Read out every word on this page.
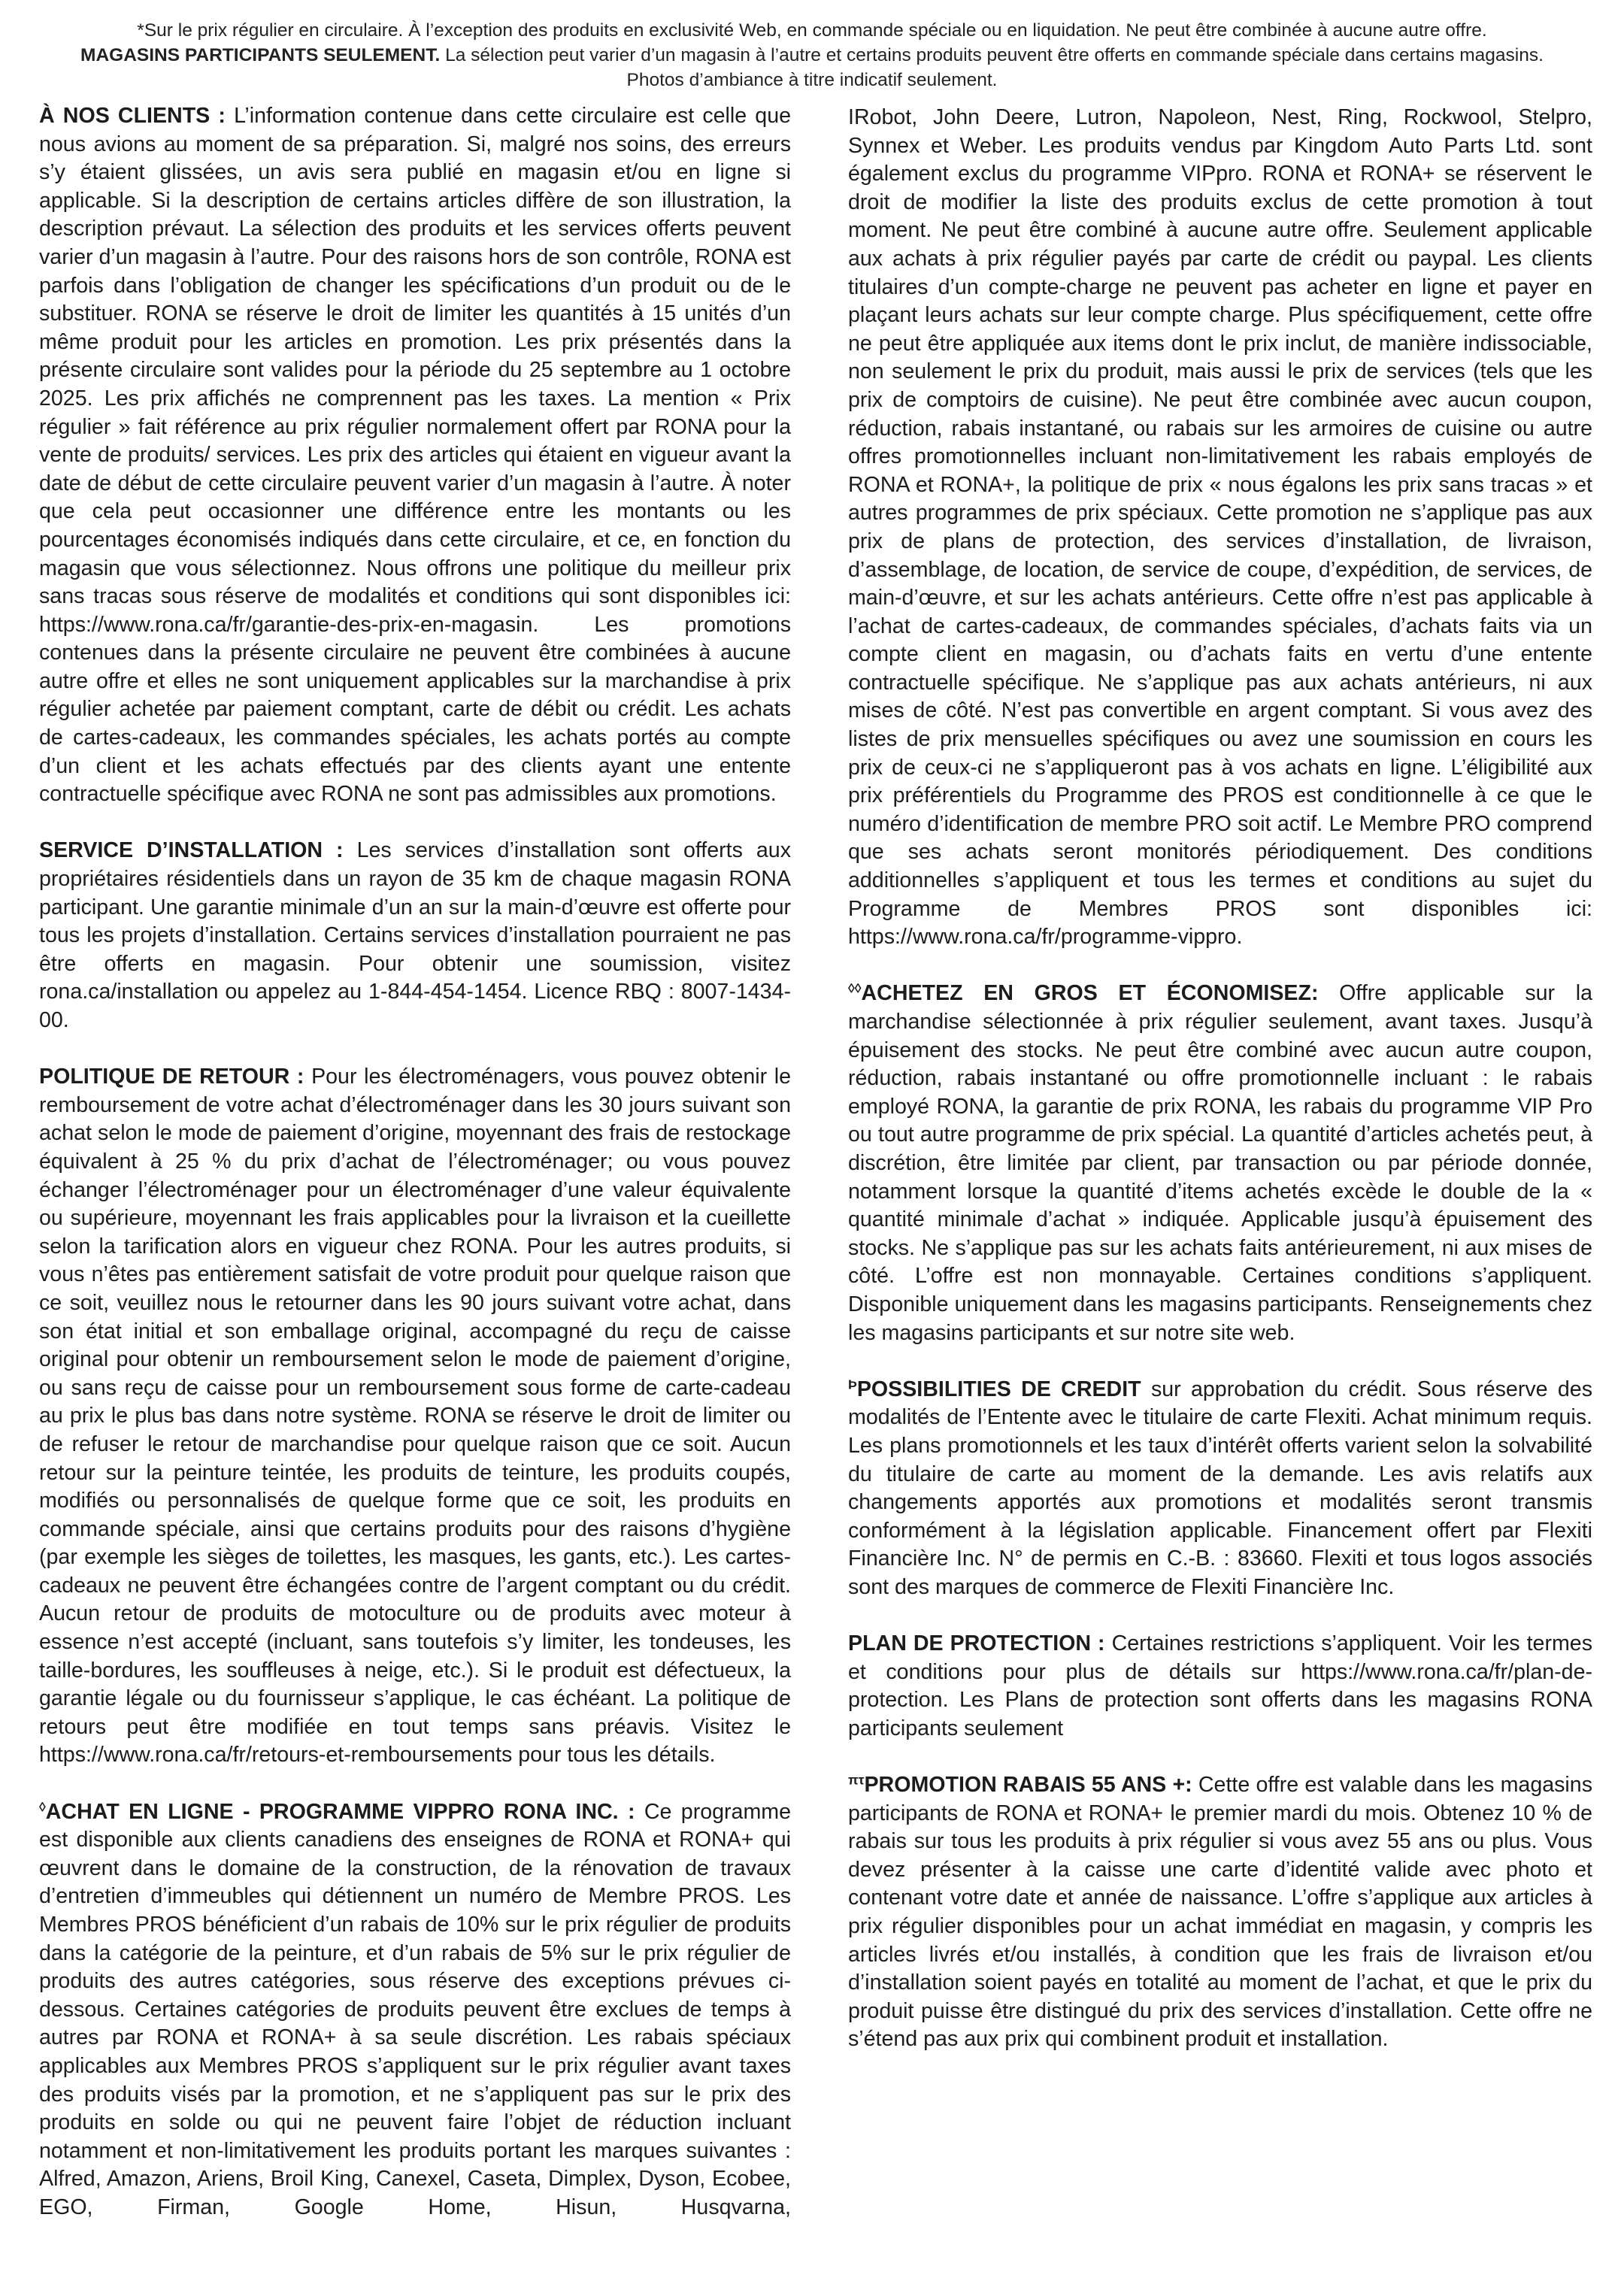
*Sur le prix régulier en circulaire. À l’exception des produits en exclusivité Web, en commande spéciale ou en liquidation. Ne peut être combinée à aucune autre offre.

MAGASINS PARTICIPANTS SEULEMENT. La sélection peut varier d’un magasin à l’autre et certains produits peuvent être offerts en commande spéciale dans certains magasins.

Photos d’ambiance à titre indicatif seulement.

À NOS CLIENTS : L’information contenue dans cette circulaire est celle que nous avions au moment de sa préparation. Si, malgré nos soins, des erreurs s’y étaient glissées, un avis sera publié en magasin et/ou en ligne si applicable. Si la description de certains articles diffère de son illustration, la description prévaut. La sélection des produits et les services offerts peuvent varier d’un magasin à l’autre. Pour des raisons hors de son contrôle, RONA est parfois dans l’obligation de changer les spécifications d’un produit ou de le substituer. RONA se réserve le droit de limiter les quantités à 15 unités d’un même produit pour les articles en promotion. Les prix présentés dans la présente circulaire sont valides pour la période du 25 septembre au 1 octobre 2025. Les prix affichés ne comprennent pas les taxes. La mention « Prix régulier » fait référence au prix régulier normalement offert par RONA pour la vente de produits/ services. Les prix des articles qui étaient en vigueur avant la date de début de cette circulaire peuvent varier d’un magasin à l’autre. À noter que cela peut occasionner une différence entre les montants ou les pourcentages économisés indiqués dans cette circulaire, et ce, en fonction du magasin que vous sélectionnez. Nous offrons une politique du meilleur prix sans tracas sous réserve de modalités et conditions qui sont disponibles ici: https://www.rona.ca/fr/garantie-des-prix-en-magasin. Les promotions contenues dans la présente circulaire ne peuvent être combinées à aucune autre offre et elles ne sont uniquement applicables sur la marchandise à prix régulier achetée par paiement comptant, carte de débit ou crédit. Les achats de cartes-cadeaux, les commandes spéciales, les achats portés au compte d’un client et les achats effectués par des clients ayant une entente contractuelle spécifique avec RONA ne sont pas admissibles aux promotions.

SERVICE D’INSTALLATION : Les services d’installation sont offerts aux propriétaires résidentiels dans un rayon de 35 km de chaque magasin RONA participant. Une garantie minimale d’un an sur la main-d’œuvre est offerte pour tous les projets d’installation. Certains services d’installation pourraient ne pas être offerts en magasin. Pour obtenir une soumission, visitez rona.ca/installation ou appelez au 1-844-454-1454. Licence RBQ : 8007-1434-00.

POLITIQUE DE RETOUR : Pour les électroménagers, vous pouvez obtenir le remboursement de votre achat d’électroménager dans les 30 jours suivant son achat selon le mode de paiement d’origine, moyennant des frais de restockage équivalent à 25 % du prix d’achat de l’électroménager; ou vous pouvez échanger l’électroménager pour un électroménager d’une valeur équivalente ou supérieure, moyennant les frais applicables pour la livraison et la cueillette selon la tarification alors en vigueur chez RONA. Pour les autres produits, si vous n’êtes pas entièrement satisfait de votre produit pour quelque raison que ce soit, veuillez nous le retourner dans les 90 jours suivant votre achat, dans son état initial et son emballage original, accompagné du reçu de caisse original pour obtenir un remboursement selon le mode de paiement d’origine, ou sans reçu de caisse pour un remboursement sous forme de carte-cadeau au prix le plus bas dans notre système. RONA se réserve le droit de limiter ou de refuser le retour de marchandise pour quelque raison que ce soit. Aucun retour sur la peinture teintée, les produits de teinture, les produits coupés, modifiés ou personnalisés de quelque forme que ce soit, les produits en commande spéciale, ainsi que certains produits pour des raisons d’hygiène (par exemple les sièges de toilettes, les masques, les gants, etc.). Les cartes-cadeaux ne peuvent être échangées contre de l’argent comptant ou du crédit. Aucun retour de produits de motoculture ou de produits avec moteur à essence n’est accepté (incluant, sans toutefois s’y limiter, les tondeuses, les taille-bordures, les souffleuses à neige, etc.). Si le produit est défectueux, la garantie légale ou du fournisseur s’applique, le cas échéant. La politique de retours peut être modifiée en tout temps sans préavis. Visitez le https://www.rona.ca/fr/retours-et-remboursements pour tous les détails.

◊ACHAT EN LIGNE - PROGRAMME VIPPRO RONA INC. : Ce programme est disponible aux clients canadiens des enseignes de RONA et RONA+ qui œuvrent dans le domaine de la construction, de la rénovation de travaux d’entretien d’immeubles qui détiennent un numéro de Membre PROS. Les Membres PROS bénéficient d’un rabais de 10% sur le prix régulier de produits dans la catégorie de la peinture, et d’un rabais de 5% sur le prix régulier de produits des autres catégories, sous réserve des exceptions prévues ci-dessous. Certaines catégories de produits peuvent être exclues de temps à autres par RONA et RONA+ à sa seule discrétion. Les rabais spéciaux applicables aux Membres PROS s’appliquent sur le prix régulier avant taxes des produits visés par la promotion, et ne s’appliquent pas sur le prix des produits en solde ou qui ne peuvent faire l’objet de réduction incluant notamment et non-limitativement les produits portant les marques suivantes : Alfred, Amazon, Ariens, Broil King, Canexel, Caseta, Dimplex, Dyson, Ecobee, EGO, Firman, Google Home, Hisun, Husqvarna,

IRobot, John Deere, Lutron, Napoleon, Nest, Ring, Rockwool, Stelpro, Synnex et Weber. Les produits vendus par Kingdom Auto Parts Ltd. sont également exclus du programme VIPpro. RONA et RONA+ se réservent le droit de modifier la liste des produits exclus de cette promotion à tout moment. Ne peut être combiné à aucune autre offre. Seulement applicable aux achats à prix régulier payés par carte de crédit ou paypal. Les clients titulaires d’un compte-charge ne peuvent pas acheter en ligne et payer en plaçant leurs achats sur leur compte charge. Plus spécifiquement, cette offre ne peut être appliquée aux items dont le prix inclut, de manière indissociable, non seulement le prix du produit, mais aussi le prix de services (tels que les prix de comptoirs de cuisine). Ne peut être combinée avec aucun coupon, réduction, rabais instantané, ou rabais sur les armoires de cuisine ou autre offres promotionnelles incluant non-limitativement les rabais employés de RONA et RONA+, la politique de prix « nous égalons les prix sans tracas » et autres programmes de prix spéciaux. Cette promotion ne s’applique pas aux prix de plans de protection, des services d’installation, de livraison, d’assemblage, de location, de service de coupe, d’expédition, de services, de main-d’œuvre, et sur les achats antérieurs. Cette offre n’est pas applicable à l’achat de cartes-cadeaux, de commandes spéciales, d’achats faits via un compte client en magasin, ou d’achats faits en vertu d’une entente contractuelle spécifique. Ne s’applique pas aux achats antérieurs, ni aux mises de côté. N’est pas convertible en argent comptant. Si vous avez des listes de prix mensuelles spécifiques ou avez une soumission en cours les prix de ceux-ci ne s’appliqueront pas à vos achats en ligne. L’éligibilité aux prix préférentiels du Programme des PROS est conditionnelle à ce que le numéro d’identification de membre PRO soit actif. Le Membre PRO comprend que ses achats seront monitorés périodiquement. Des conditions additionnelles s’appliquent et tous les termes et conditions au sujet du Programme de Membres PROS sont disponibles ici: https://www.rona.ca/fr/programme-vippro.

◊◊ACHETEZ EN GROS ET ÉCONOMISEZ: Offre applicable sur la marchandise sélectionnée à prix régulier seulement, avant taxes. Jusqu’à épuisement des stocks. Ne peut être combiné avec aucun autre coupon, réduction, rabais instantané ou offre promotionnelle incluant : le rabais employé RONA, la garantie de prix RONA, les rabais du programme VIP Pro ou tout autre programme de prix spécial. La quantité d’articles achetés peut, à discrétion, être limitée par client, par transaction ou par période donnée, notamment lorsque la quantité d’items achetés excède le double de la « quantité minimale d’achat » indiquée. Applicable jusqu’à épuisement des stocks. Ne s’applique pas sur les achats faits antérieurement, ni aux mises de côté. L’offre est non monnayable. Certaines conditions s’appliquent. Disponible uniquement dans les magasins participants. Renseignements chez les magasins participants et sur notre site web.

$^Þ$POSSIBILITIES DE CREDIT sur approbation du crédit. Sous réserve des modalités de l’Entente avec le titulaire de carte Flexiti. Achat minimum requis. Les plans promotionnels et les taux d’intérêt offerts varient selon la solvabilité du titulaire de carte au moment de la demande. Les avis relatifs aux changements apportés aux promotions et modalités seront transmis conformément à la législation applicable. Financement offert par Flexiti Financière Inc. N° de permis en C.-B. : 83660. Flexiti et tous logos associés sont des marques de commerce de Flexiti Financière Inc.

PLAN DE PROTECTION : Certaines restrictions s’appliquent. Voir les termes et conditions pour plus de détails sur https://www.rona.ca/fr/plan-de-protection. Les Plans de protection sont offerts dans les magasins RONA participants seulement

$^{\pi\tau}$PROMOTION RABAIS 55 ANS +: Cette offre est valable dans les magasins participants de RONA et RONA+ le premier mardi du mois. Obtenez 10 % de rabais sur tous les produits à prix régulier si vous avez 55 ans ou plus. Vous devez présenter à la caisse une carte d’identité valide avec photo et contenant votre date et année de naissance. L’offre s’applique aux articles à prix régulier disponibles pour un achat immédiat en magasin, y compris les articles livrés et/ou installés, à condition que les frais de livraison et/ou d’installation soient payés en totalité au moment de l’achat, et que le prix du produit puisse être distingué du prix des services d’installation. Cette offre ne s’étend pas aux prix qui combinent produit et installation.
